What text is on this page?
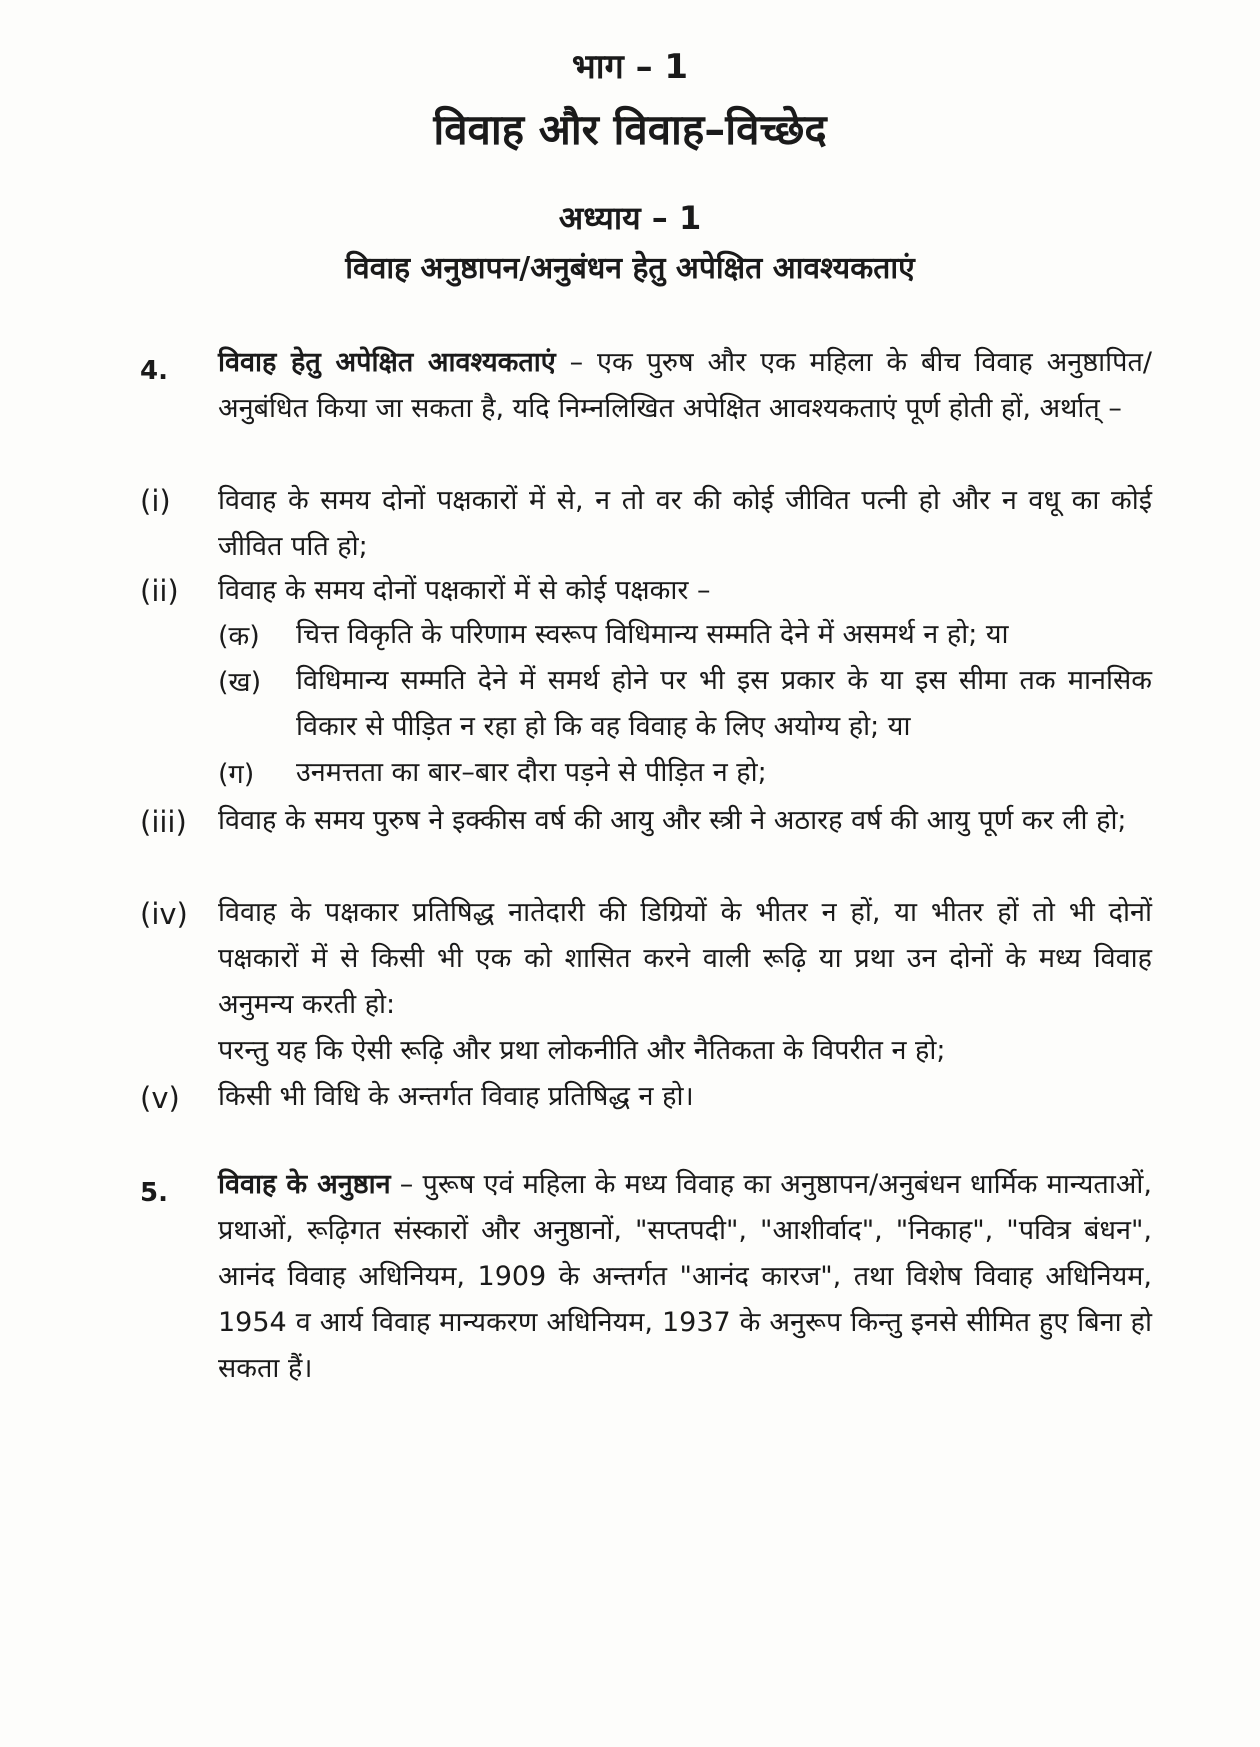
भाग – 1
विवाह और विवाह–विच्छेद
अध्याय – 1
विवाह अनुष्ठापन/अनुबंधन हेतु अपेक्षित आवश्यकताएं
4. विवाह हेतु अपेक्षित आवश्यकताएं – एक पुरुष और एक महिला के बीच विवाह अनुष्ठापित/अनुबंधित किया जा सकता है, यदि निम्नलिखित अपेक्षित आवश्यकताएं पूर्ण होती हों, अर्थात् –
(i) विवाह के समय दोनों पक्षकारों में से, न तो वर की कोई जीवित पत्नी हो और न वधू का कोई जीवित पति हो;
(ii) विवाह के समय दोनों पक्षकारों में से कोई पक्षकार –
(क) चित्त विकृति के परिणाम स्वरूप विधिमान्य सम्मति देने में असमर्थ न हो; या
(ख) विधिमान्य सम्मति देने में समर्थ होने पर भी इस प्रकार के या इस सीमा तक मानसिक विकार से पीड़ित न रहा हो कि वह विवाह के लिए अयोग्य हो; या
(ग) उनमत्तता का बार–बार दौरा पड़ने से पीड़ित न हो;
(iii) विवाह के समय पुरुष ने इक्कीस वर्ष की आयु और स्त्री ने अठारह वर्ष की आयु पूर्ण कर ली हो;
(iv) विवाह के पक्षकार प्रतिषिद्ध नातेदारी की डिग्रियों के भीतर न हों, या भीतर हों तो भी दोनों पक्षकारों में से किसी भी एक को शासित करने वाली रूढ़ि या प्रथा उन दोनों के मध्य विवाह अनुमन्य करती हो:
परन्तु यह कि ऐसी रूढ़ि और प्रथा लोकनीति और नैतिकता के विपरीत न हो;
(v) किसी भी विधि के अन्तर्गत विवाह प्रतिषिद्ध न हो।
5. विवाह के अनुष्ठान – पुरूष एवं महिला के मध्य विवाह का अनुष्ठापन/अनुबंधन धार्मिक मान्यताओं, प्रथाओं, रूढ़िगत संस्कारों और अनुष्ठानों, "सप्तपदी", "आशीर्वाद", "निकाह", "पवित्र बंधन", आनंद विवाह अधिनियम, 1909 के अन्तर्गत "आनंद कारज", तथा विशेष विवाह अधिनियम, 1954 व आर्य विवाह मान्यकरण अधिनियम, 1937 के अनुरूप किन्तु इनसे सीमित हुए बिना हो सकता हैं।
